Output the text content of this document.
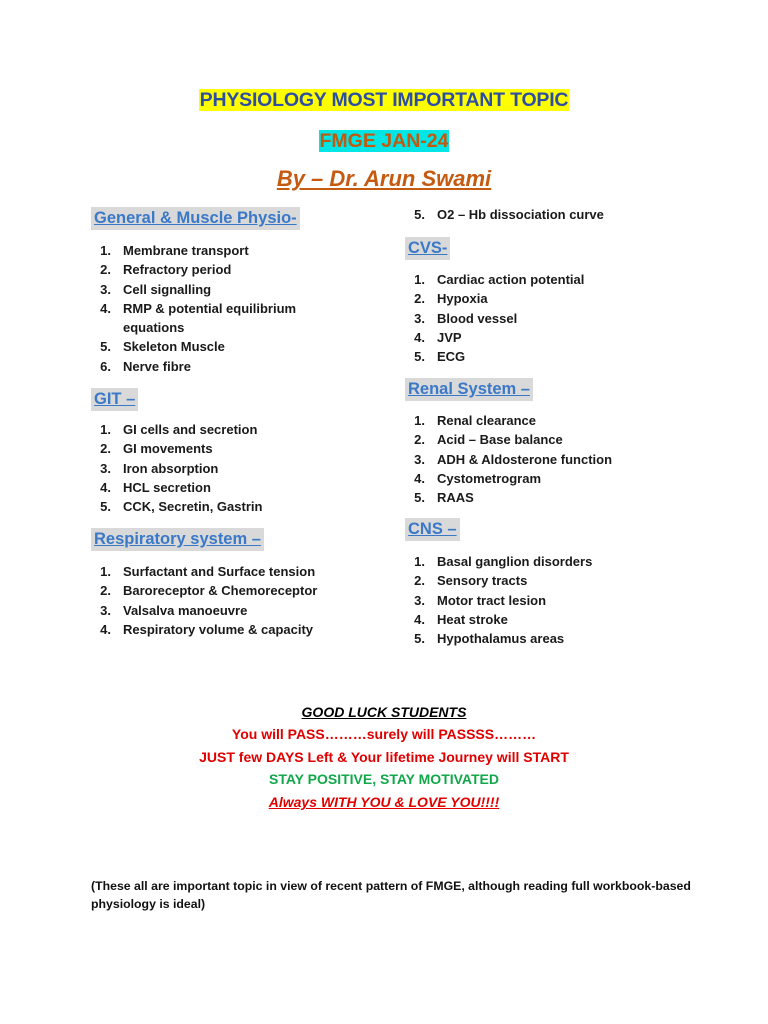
PHYSIOLOGY MOST IMPORTANT TOPIC
FMGE JAN-24
By – Dr. Arun Swami
General & Muscle Physio-
1. Membrane transport
2. Refractory period
3. Cell signalling
4. RMP & potential equilibrium equations
5. Skeleton Muscle
6. Nerve fibre
GIT –
1. GI cells and secretion
2. GI movements
3. Iron absorption
4. HCL secretion
5. CCK, Secretin, Gastrin
Respiratory system –
1. Surfactant and Surface tension
2. Baroreceptor & Chemoreceptor
3. Valsalva manoeuvre
4. Respiratory volume & capacity
5. O2 – Hb dissociation curve
CVS-
1. Cardiac action potential
2. Hypoxia
3. Blood vessel
4. JVP
5. ECG
Renal System –
1. Renal clearance
2. Acid – Base balance
3. ADH & Aldosterone function
4. Cystometrogram
5. RAAS
CNS –
1. Basal ganglion disorders
2. Sensory tracts
3. Motor tract lesion
4. Heat stroke
5. Hypothalamus areas
GOOD LUCK STUDENTS
You will PASS………surely will PASSSS………
JUST few DAYS Left & Your lifetime Journey will START
STAY POSITIVE, STAY MOTIVATED
Always WITH YOU & LOVE YOU!!!!
(These all are important topic in view of recent pattern of FMGE, although reading full workbook-based physiology is ideal)
